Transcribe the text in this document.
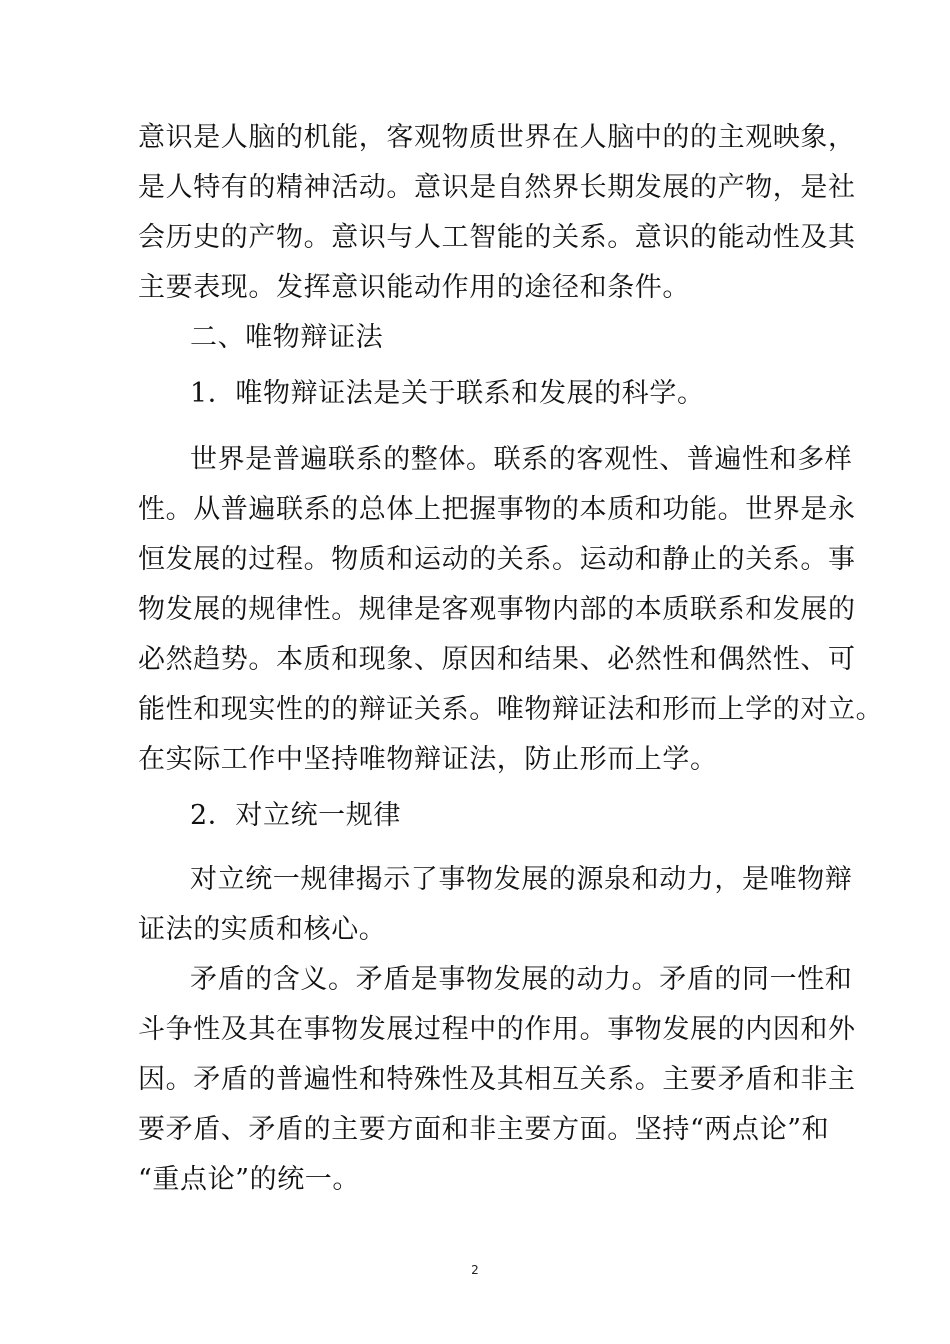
意识是人脑的机能，客观物质世界在人脑中的的主观映象，
是人特有的精神活动。意识是自然界长期发展的产物，是社
会历史的产物。意识与人工智能的关系。意识的能动性及其
主要表现。发挥意识能动作用的途径和条件。
二、唯物辩证法
1．唯物辩证法是关于联系和发展的科学。
世界是普遍联系的整体。联系的客观性、普遍性和多样
性。从普遍联系的总体上把握事物的本质和功能。世界是永
恒发展的过程。物质和运动的关系。运动和静止的关系。事
物发展的规律性。规律是客观事物内部的本质联系和发展的
必然趋势。本质和现象、原因和结果、必然性和偶然性、可
能性和现实性的的辩证关系。唯物辩证法和形而上学的对立。
在实际工作中坚持唯物辩证法，防止形而上学。
2．对立统一规律
对立统一规律揭示了事物发展的源泉和动力，是唯物辩
证法的实质和核心。
矛盾的含义。矛盾是事物发展的动力。矛盾的同一性和
斗争性及其在事物发展过程中的作用。事物发展的内因和外
因。矛盾的普遍性和特殊性及其相互关系。主要矛盾和非主
要矛盾、矛盾的主要方面和非主要方面。坚持“两点论”和
“重点论”的统一。
2
